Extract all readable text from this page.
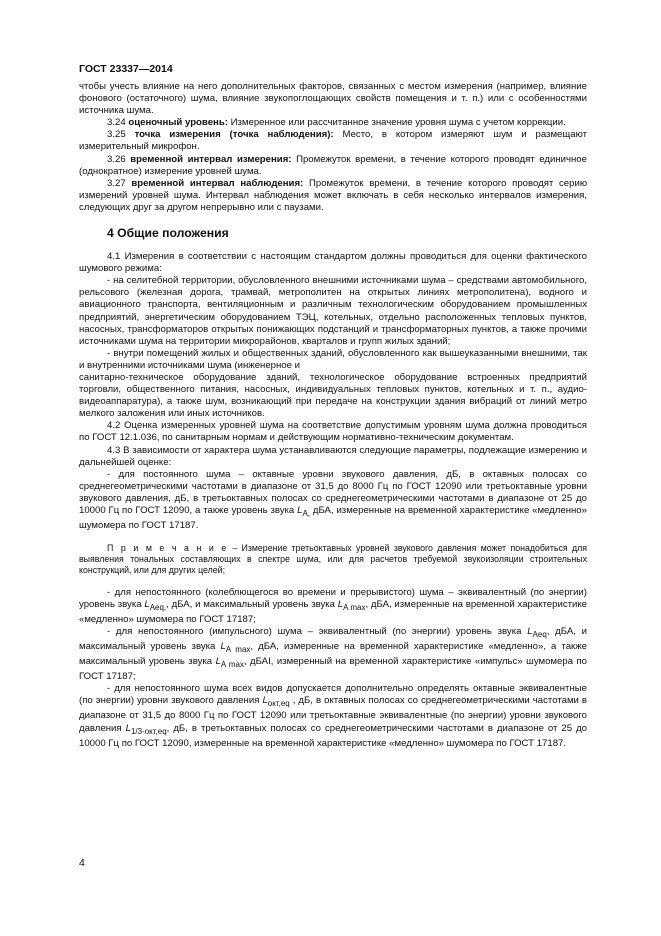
ГОСТ 23337—2014

чтобы учесть влияние на него дополнительных факторов, связанных с местом измерения (например, влияние фонового (остаточного) шума, влияние звукопоглощающих свойств помещения и т. п.) или с особенностями источника шума.

3.24 оценочный уровень: Измеренное или рассчитанное значение уровня шума с учетом коррекции.

3.25 точка измерения (точка наблюдения): Место, в котором измеряют шум и размещают измерительный микрофон.

3.26 временной интервал измерения: Промежуток времени, в течение которого проводят единичное (однократное) измерение уровней шума.

3.27 временной интервал наблюдения: Промежуток времени, в течение которого проводят серию измерений уровней шума. Интервал наблюдения может включать в себя несколько интервалов измерения, следующих друг за другом непрерывно или с паузами.

4 Общие положения

4.1 Измерения в соответствии с настоящим стандартом должны проводиться для оценки фактического шумового режима:

- на селитебной территории, обусловленного внешними источниками шума – средствами автомобильного, рельсового (железная дорога, трамвай, метрополитен на открытых линиях метрополитена), водного и авиационного транспорта, вентиляционным и различным технологическим оборудованием промышленных предприятий, энергетическим оборудованием ТЭЦ, котельных, отдельно расположенных тепловых пунктов, насосных, трансформаторов открытых понижающих подстанций и трансформаторных пунктов, а также прочими источниками шума на территории микрорайонов, кварталов и групп жилых зданий;

- внутри помещений жилых и общественных зданий, обусловленного как вышеуказанными внешними, так и внутренними источниками шума (инженерное и

санитарно-техническое оборудование зданий, технологическое оборудование встроенных предприятий торговли, общественного питания, насосных, индивидуальных тепловых пунктов, котельных и т. п., аудио-видеоаппаратура), а также шум, возникающий при передаче на конструкции здания вибраций от линий метро мелкого заложения или иных источников.

4.2 Оценка измеренных уровней шума на соответствие допустимым уровням шума должна проводиться по ГОСТ 12.1.036, по санитарным нормам и действующим нормативно-техническим документам.

4.3 В зависимости от характера шума устанавливаются следующие параметры, подлежащие измерению и дальнейшей оценке:

- для постоянного шума – октавные уровни звукового давления, дБ, в октавных полосах со среднегеометрическими частотами в диапазоне от 31,5 до 8000 Гц по ГОСТ 12090 или третьоктавные уровни звукового давления, дБ, в третьоктавных полосах со среднегеометрическими частотами в диапазоне от 25 до 10000 Гц по ГОСТ 12090, а также уровень звука $L_{A,}$ дБА, измеренные на временной характеристике «медленно» шумомера по ГОСТ 17187.

П р и м е ч а н и е – Измерение третьоктавных уровней звукового давления может понадобиться для выявления тональных составляющих в спектре шума, или для расчетов требуемой звукоизоляции строительных конструкций, или для других целей;

- для непостоянного (колеблющегося во времени и прерывистого) шума – эквивалентный (по энергии) уровень звука $L_{Aeq,}$, дБА, и максимальный уровень звука $L_{A max}$, дБА, измеренные на временной характеристике «медленно» шумомера по ГОСТ 17187;

- для непостоянного (импульсного) шума – эквивалентный (по энергии) уровень звука $L_{Aeq}$, дБА, и максимальный уровень звука $L_{A max}$, дБА, измеренные на временной характеристике «медленно», а также максимальный уровень звука $L_{A max}$, дБАI, измеренный на временной характеристике «импульс» шумомера по ГОСТ 17187;

- для непостоянного шума всех видов допускается дополнительно определять октавные эквивалентные (по энергии) уровни звукового давления $L_{окт,eq}$ , дБ, в октавных полосах со среднегеометрическими частотами в диапазоне от 31,5 до 8000 Гц по ГОСТ 12090 или третьоктавные эквивалентные (по энергии) уровни звукового давления $L_{1/3-окт,eq}$, дБ, в третьоктавных полосах со среднегеометрическими частотами в диапазоне от 25 до 10000 Гц по ГОСТ 12090, измеренные на временной характеристике «медленно» шумомера по ГОСТ 17187.

4
